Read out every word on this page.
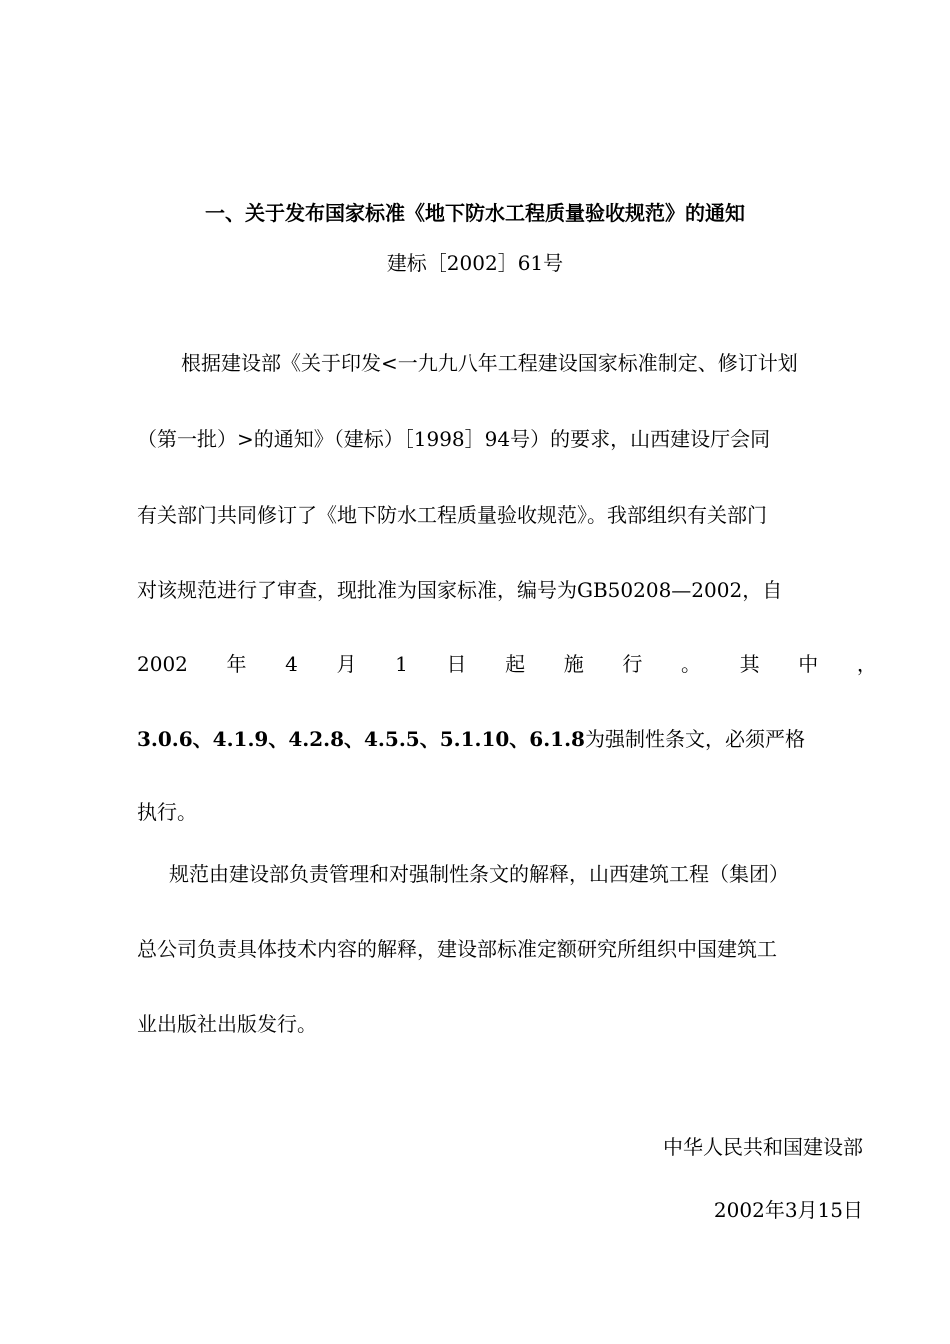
一、关于发布国家标准《地下防水工程质量验收规范》的通知
建标［2002］61号
根据建设部《关于印发<一九九八年工程建设国家标准制定、修订计划
（第一批）>的通知》（建标）［1998］94号）的要求，山西建设厅会同
有关部门共同修订了《地下防水工程质量验收规范》。我部组织有关部门
对该规范进行了审查，现批准为国家标准，编号为GB50208—2002，自
2002 年 4 月 1 日 起 施 行 。 其 中 ，
3.0.6、4.1.9、4.2.8、4.5.5、5.1.10、6.1.8为强制性条文，必须严格
执行。
规范由建设部负责管理和对强制性条文的解释，山西建筑工程（集团）
总公司负责具体技术内容的解释，建设部标准定额研究所组织中国建筑工
业出版社出版发行。
中华人民共和国建设部
2002年3月15日
